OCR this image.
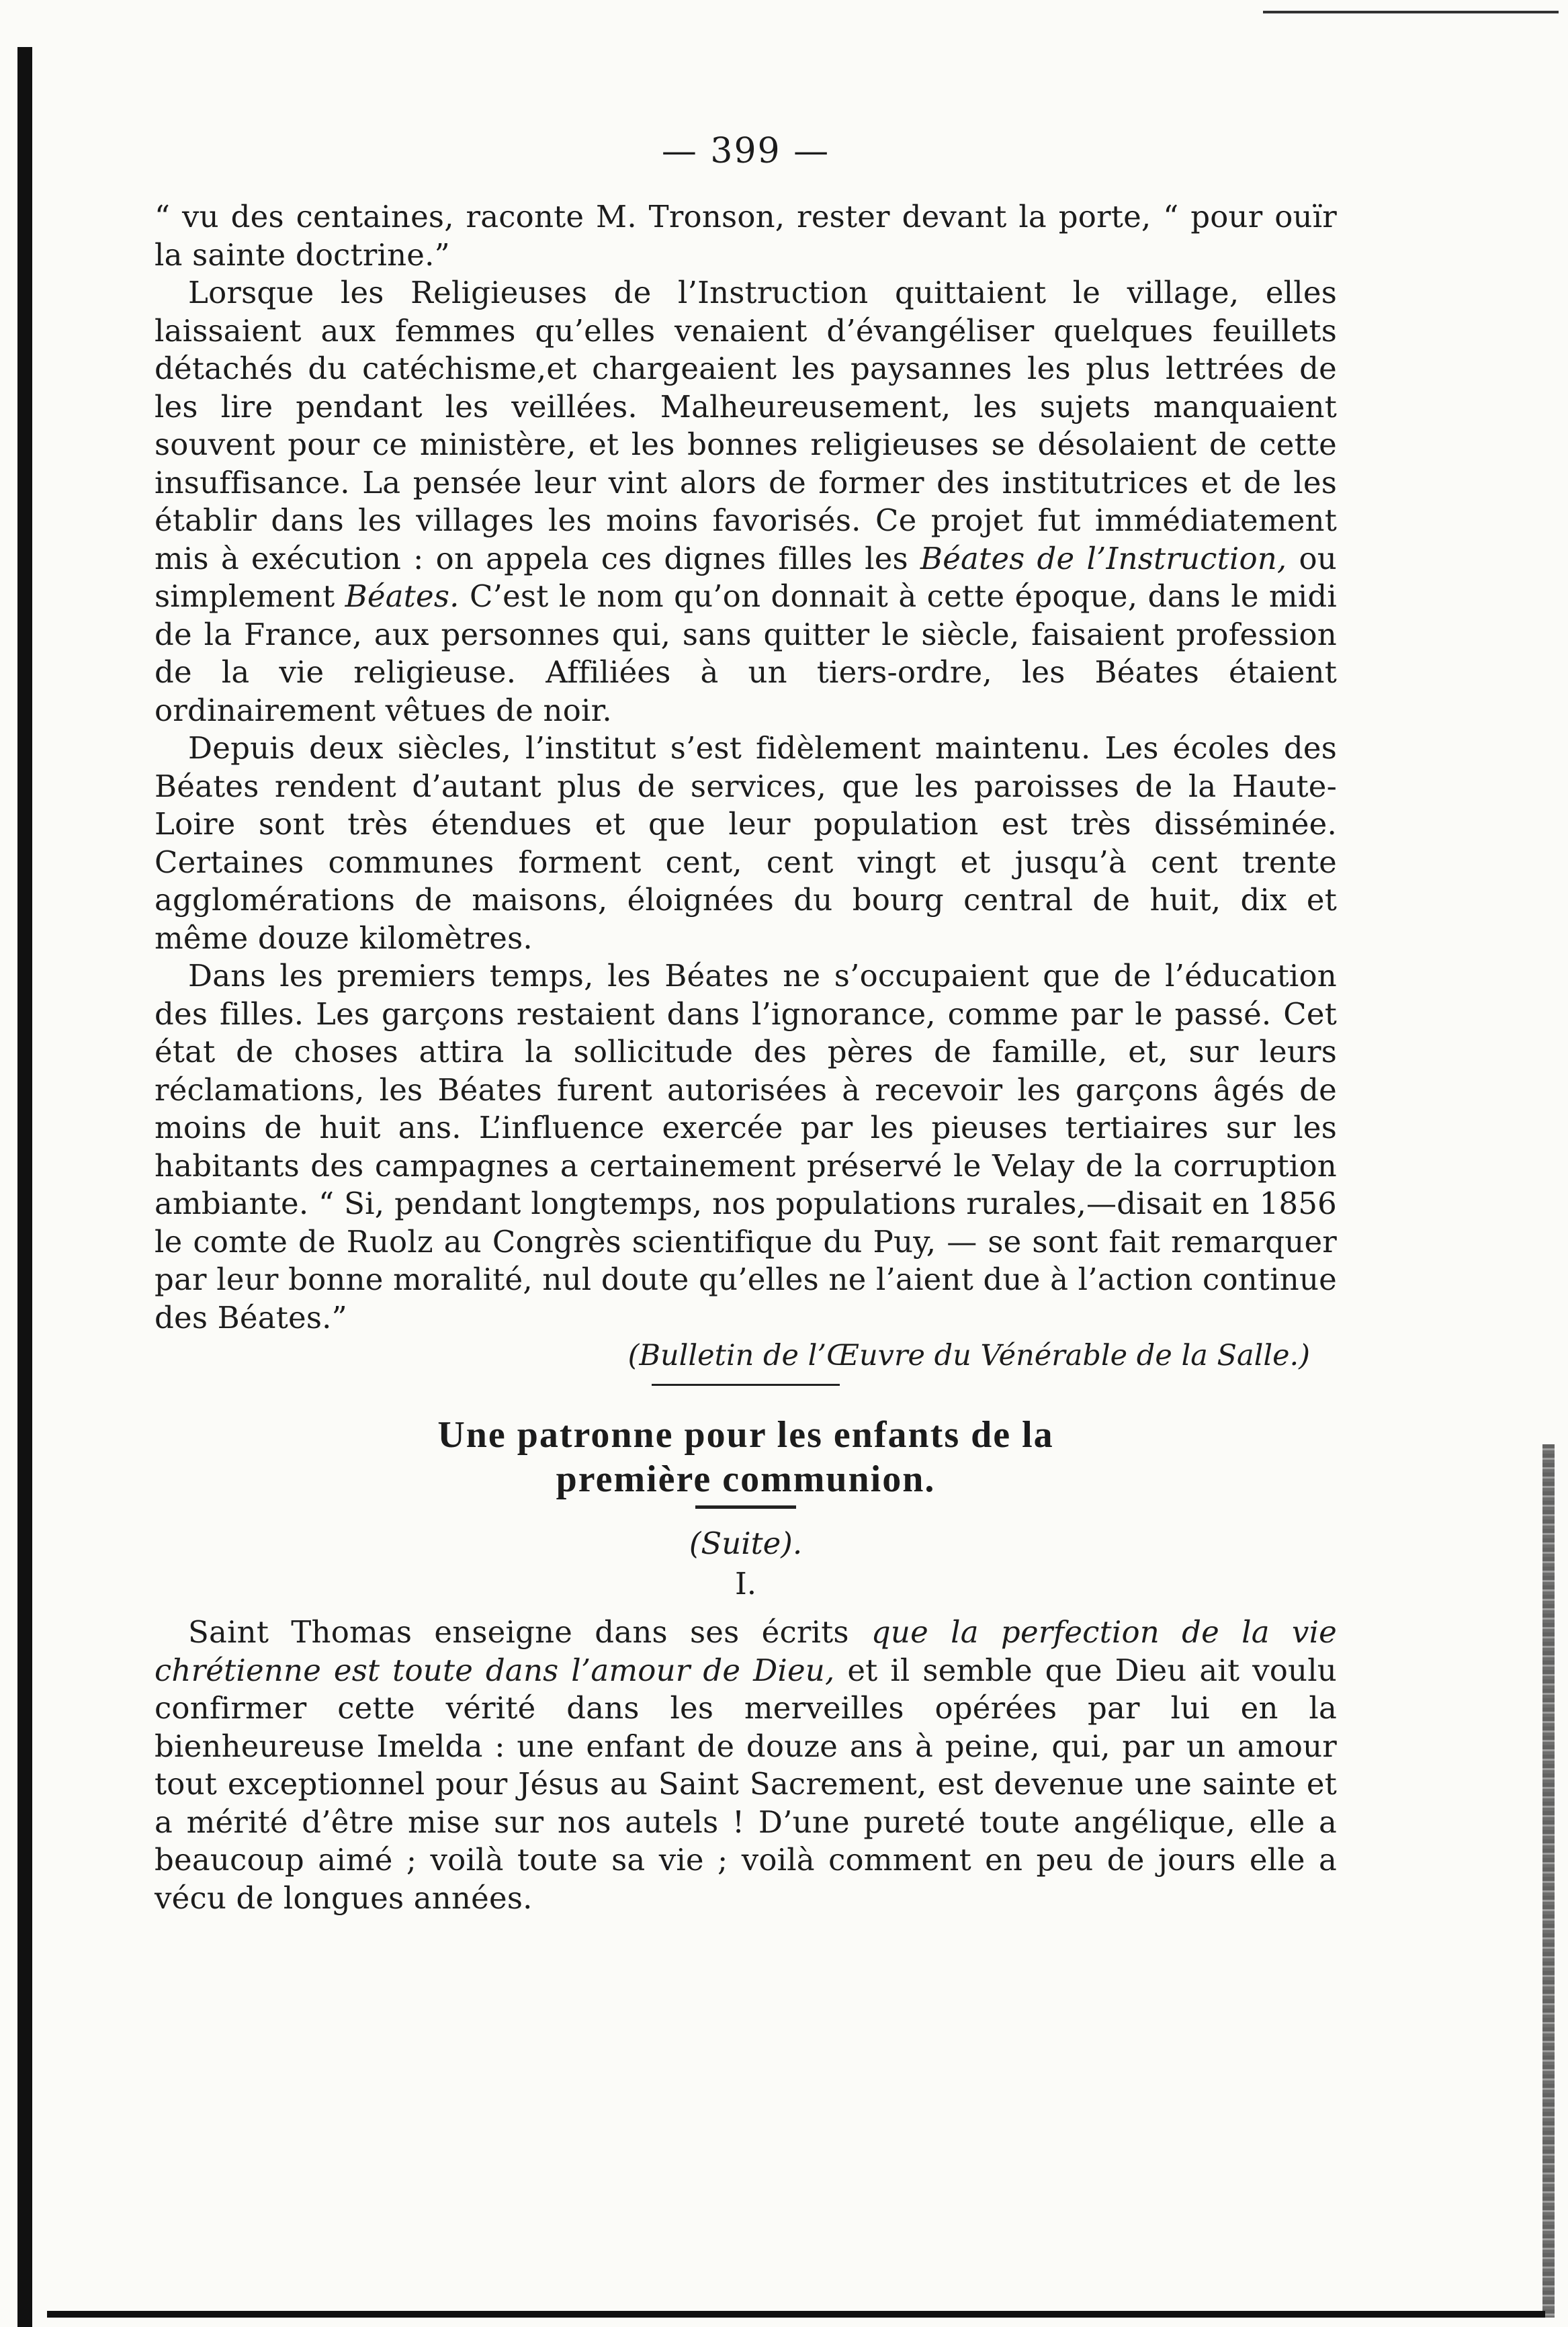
— 399 —

“ vu des centaines, raconte M. Tronson, rester devant la porte, “ pour ouïr la sainte doctrine.”

Lorsque les Religieuses de l’Instruction quittaient le village, elles laissaient aux femmes qu’elles venaient d’évangéliser quelques feuillets détachés du catéchisme,et chargeaient les paysannes les plus lettrées de les lire pendant les veillées. Malheureusement, les sujets manquaient souvent pour ce ministère, et les bonnes religieuses se désolaient de cette insuffisance. La pensée leur vint alors de former des institutrices et de les établir dans les villages les moins favorisés. Ce projet fut immédiatement mis à exécution : on appela ces dignes filles les Béates de l’Instruction, ou simplement Béates. C’est le nom qu’on donnait à cette époque, dans le midi de la France, aux personnes qui, sans quitter le siècle, faisaient profession de la vie religieuse. Affiliées à un tiers-ordre, les Béates étaient ordinairement vêtues de noir.

Depuis deux siècles, l’institut s’est fidèlement maintenu. Les écoles des Béates rendent d’autant plus de services, que les paroisses de la Haute-Loire sont très étendues et que leur population est très disséminée. Certaines communes forment cent, cent vingt et jusqu’à cent trente agglomérations de maisons, éloignées du bourg central de huit, dix et même douze kilomètres.

Dans les premiers temps, les Béates ne s’occupaient que de l’éducation des filles. Les garçons restaient dans l’ignorance, comme par le passé. Cet état de choses attira la sollicitude des pères de famille, et, sur leurs réclamations, les Béates furent autorisées à recevoir les garçons âgés de moins de huit ans. L’influence exercée par les pieuses tertiaires sur les habitants des campagnes a certainement préservé le Velay de la corruption ambiante. “ Si, pendant longtemps, nos populations rurales,—disait en 1856 le comte de Ruolz au Congrès scientifique du Puy, — se sont fait remarquer par leur bonne moralité, nul doute qu’elles ne l’aient due à l’action continue des Béates.”

(Bulletin de l’Œuvre du Vénérable de la Salle.)

Une patronne pour les enfants de la
première communion.

(Suite).

I.

Saint Thomas enseigne dans ses écrits que la perfection de la vie chrétienne est toute dans l’amour de Dieu, et il semble que Dieu ait voulu confirmer cette vérité dans les merveilles opérées par lui en la bienheureuse Imelda : une enfant de douze ans à peine, qui, par un amour tout exceptionnel pour Jésus au Saint Sacrement, est devenue une sainte et a mérité d’être mise sur nos autels ! D’une pureté toute angélique, elle a beaucoup aimé ; voilà toute sa vie ; voilà comment en peu de jours elle a vécu de longues années.
